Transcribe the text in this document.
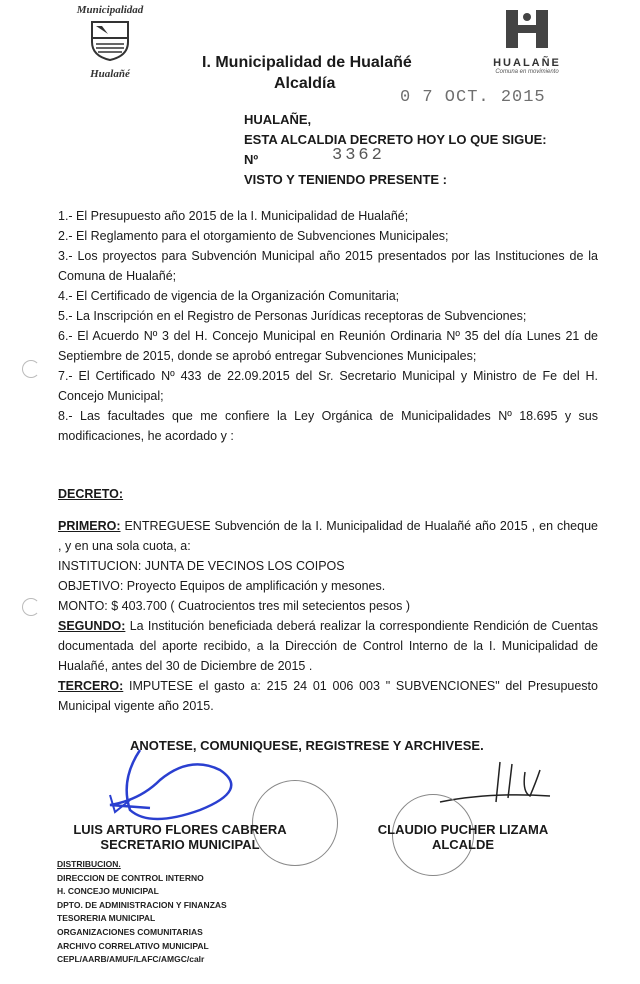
Municipalidad
Hualañé
HUALAÑE
Comuna en movimiento
I. Municipalidad de Hualañé
Alcaldía
0 7 OCT. 2015
HUALAÑE,
ESTA ALCALDIA DECRETO HOY LO QUE SIGUE:
Nº
VISTO Y TENIENDO PRESENTE :
3362
1.- El Presupuesto año 2015 de la I. Municipalidad de Hualañé;
2.- El Reglamento para el otorgamiento de Subvenciones Municipales;
3.- Los proyectos para Subvención Municipal año 2015 presentados por las Instituciones de la Comuna de Hualañé;
4.- El Certificado de vigencia de la Organización Comunitaria;
5.- La Inscripción en el Registro de Personas Jurídicas receptoras de Subvenciones;
6.- El Acuerdo Nº 3 del H. Concejo Municipal en Reunión Ordinaria Nº 35 del día Lunes 21 de Septiembre de 2015, donde se aprobó entregar Subvenciones Municipales;
7.- El Certificado Nº 433 de 22.09.2015 del Sr. Secretario Municipal y Ministro de Fe del H. Concejo Municipal;
8.- Las facultades que me confiere la Ley Orgánica de Municipalidades Nº 18.695 y sus modificaciones, he acordado y :
DECRETO:
PRIMERO: ENTREGUESE Subvención de la I. Municipalidad de Hualañé año 2015 , en cheque , y en una sola cuota, a:
INSTITUCION: JUNTA DE VECINOS LOS COIPOS
OBJETIVO: Proyecto Equipos de amplificación y mesones.
MONTO: $ 403.700 ( Cuatrocientos tres mil setecientos pesos )
SEGUNDO: La Institución beneficiada deberá realizar la correspondiente Rendición de Cuentas documentada del aporte recibido, a la Dirección de Control Interno de la I. Municipalidad de Hualañé, antes del 30 de Diciembre de 2015 .
TERCERO: IMPUTESE el gasto a: 215 24 01 006 003 " SUBVENCIONES" del Presupuesto Municipal vigente año 2015.
ANOTESE, COMUNIQUESE, REGISTRESE Y ARCHIVESE.
LUIS ARTURO FLORES CABRERA
SECRETARIO MUNICIPAL
CLAUDIO PUCHER LIZAMA
ALCALDE
DISTRIBUCION.
DIRECCION DE CONTROL INTERNO
H. CONCEJO MUNICIPAL
DPTO. DE ADMINISTRACION Y FINANZAS
TESORERIA MUNICIPAL
ORGANIZACIONES COMUNITARIAS
ARCHIVO CORRELATIVO MUNICIPAL
CEPL/AARB/AMUF/LAFC/AMGC/calr
